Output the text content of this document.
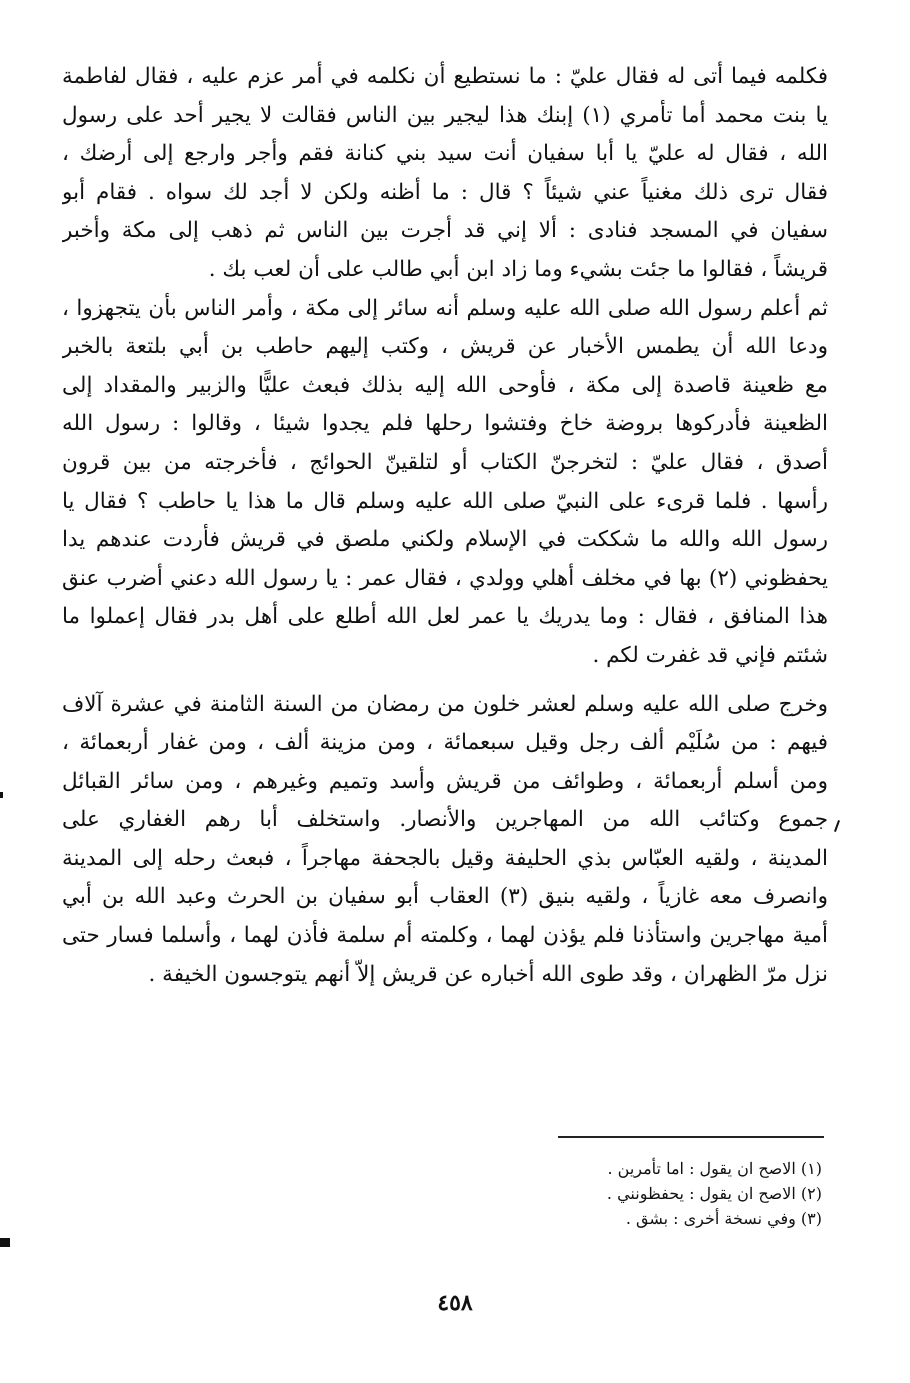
فكلمه فيما أتى له فقال عليّ : ما نستطيع أن نكلمه في أمر عزم عليه ، فقال لفاطمة
يا بنت محمد أما تأمري (١) إبنك هذا ليجير بين الناس فقالت لا يجير أحد على رسول
الله ، فقال له عليّ يا أبا سفيان أنت سيد بني كنانة فقم وأجر وارجع إلى أرضك ،
فقال ترى ذلك مغنياً عني شيئاً ؟ قال : ما أظنه ولكن لا أجد لك سواه . فقام أبو
سفيان في المسجد فنادى : ألا إني قد أجرت بين الناس ثم ذهب إلى مكة وأخبر
قريشاً ، فقالوا ما جئت بشيء وما زاد ابن أبي طالب على أن لعب بك .
ثم أعلم رسول الله صلى الله عليه وسلم أنه سائر إلى مكة ، وأمر الناس بأن يتجهزوا ،
ودعا الله أن يطمس الأخبار عن قريش ، وكتب إليهم حاطب بن أبي بلتعة بالخبر
مع ظعينة قاصدة إلى مكة ، فأوحى الله إليه بذلك فبعث عليًّا والزبير والمقداد إلى
الظعينة فأدركوها بروضة خاخ وفتشوا رحلها فلم يجدوا شيئا ، وقالوا : رسول الله
أصدق ، فقال عليّ : لتخرجنّ الكتاب أو لتلقينّ الحوائج ، فأخرجته من بين قرون
رأسها . فلما قرىء على النبيّ صلى الله عليه وسلم قال ما هذا يا حاطب ؟ فقال يا
رسول الله والله ما شككت في الإسلام ولكني ملصق في قريش فأردت عندهم يدا
يحفظوني (٢) بها في مخلف أهلي وولدي ، فقال عمر : يا رسول الله دعني أضرب عنق
هذا المنافق ، فقال : وما يدريك يا عمر لعل الله أطلع على أهل بدر فقال إعملوا ما
شئتم فإني قد غفرت لكم .
وخرج صلى الله عليه وسلم لعشر خلون من رمضان من السنة الثامنة في عشرة آلاف
فيهم : من سُلَيْم ألف رجل وقيل سبعمائة ، ومن مزينة ألف ، ومن غفار أربعمائة ،
ومن أسلم أربعمائة ، وطوائف من قريش وأسد وتميم وغيرهم ، ومن سائر القبائل
جموع وكتائب الله من المهاجرين والأنصار. واستخلف أبا رهم الغفاري على
المدينة ، ولقيه العبّاس بذي الحليفة وقيل بالجحفة مهاجراً ، فبعث رحله إلى المدينة
وانصرف معه غازياً ، ولقيه بنيق (٣) العقاب أبو سفيان بن الحرث وعبد الله بن أبي
أمية مهاجرين واستأذنا فلم يؤذن لهما ، وكلمته أم سلمة فأذن لهما ، وأسلما فسار حتى
نزل مرّ الظهران ، وقد طوى الله أخباره عن قريش إلاّ أنهم يتوجسون الخيفة .
(١) الاصح ان يقول : اما تأمرين .
(٢) الاصح ان يقول : يحفظونني .
(٣) وفي نسخة أخرى : بشق .
٤٥٨
